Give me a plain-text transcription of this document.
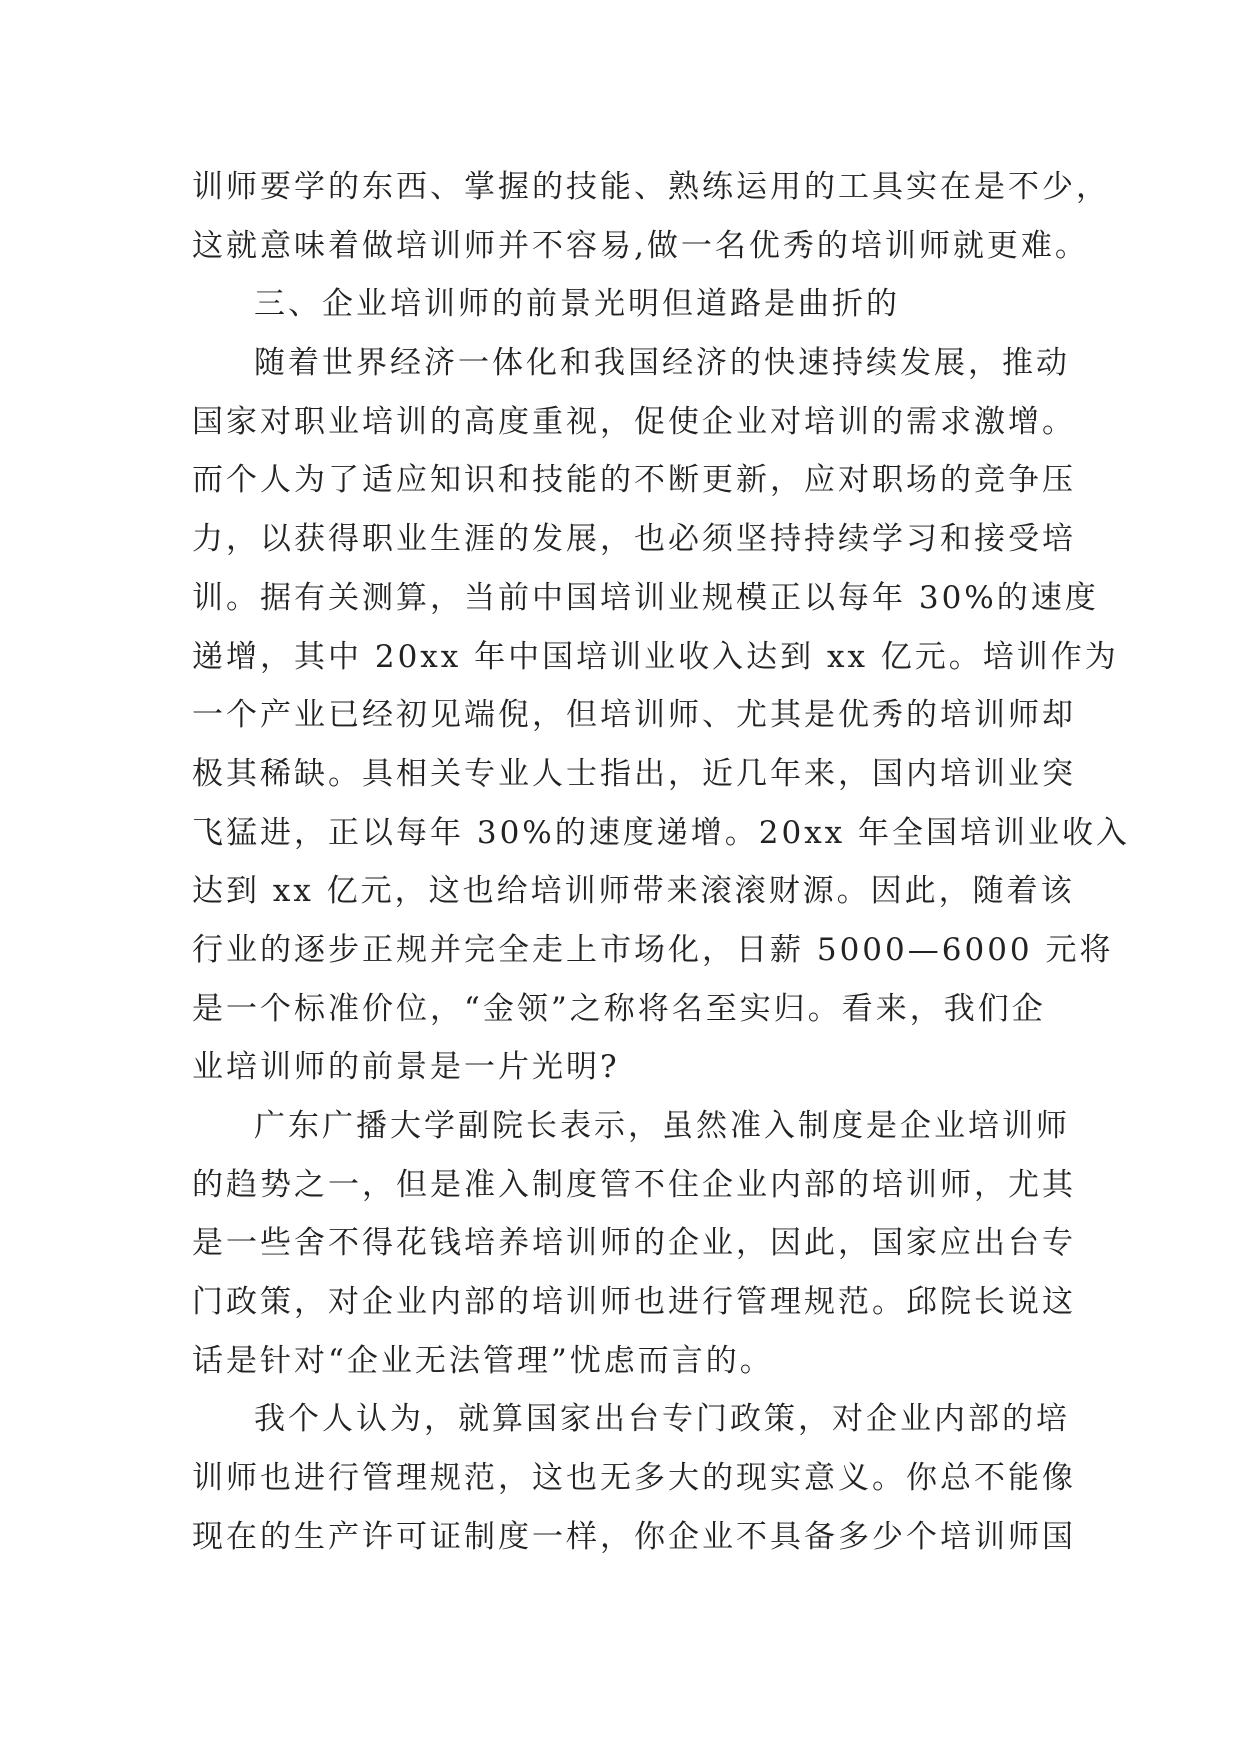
训师要学的东西、掌握的技能、熟练运用的工具实在是不少，
这就意味着做培训师并不容易,做一名优秀的培训师就更难。
三、企业培训师的前景光明但道路是曲折的
随着世界经济一体化和我国经济的快速持续发展，推动
国家对职业培训的高度重视，促使企业对培训的需求激增。
而个人为了适应知识和技能的不断更新，应对职场的竞争压
力，以获得职业生涯的发展，也必须坚持持续学习和接受培
训。据有关测算，当前中国培训业规模正以每年 30%的速度
递增，其中 20xx 年中国培训业收入达到 xx 亿元。培训作为
一个产业已经初见端倪，但培训师、尤其是优秀的培训师却
极其稀缺。具相关专业人士指出，近几年来，国内培训业突
飞猛进，正以每年 30%的速度递增。20xx 年全国培训业收入
达到 xx 亿元，这也给培训师带来滚滚财源。因此，随着该
行业的逐步正规并完全走上市场化，日薪 5000—6000 元将
是一个标准价位，“金领”之称将名至实归。看来，我们企
业培训师的前景是一片光明?
广东广播大学副院长表示，虽然准入制度是企业培训师
的趋势之一，但是准入制度管不住企业内部的培训师，尤其
是一些舍不得花钱培养培训师的企业，因此，国家应出台专
门政策，对企业内部的培训师也进行管理规范。邱院长说这
话是针对“企业无法管理”忧虑而言的。
我个人认为，就算国家出台专门政策，对企业内部的培
训师也进行管理规范，这也无多大的现实意义。你总不能像
现在的生产许可证制度一样，你企业不具备多少个培训师国
